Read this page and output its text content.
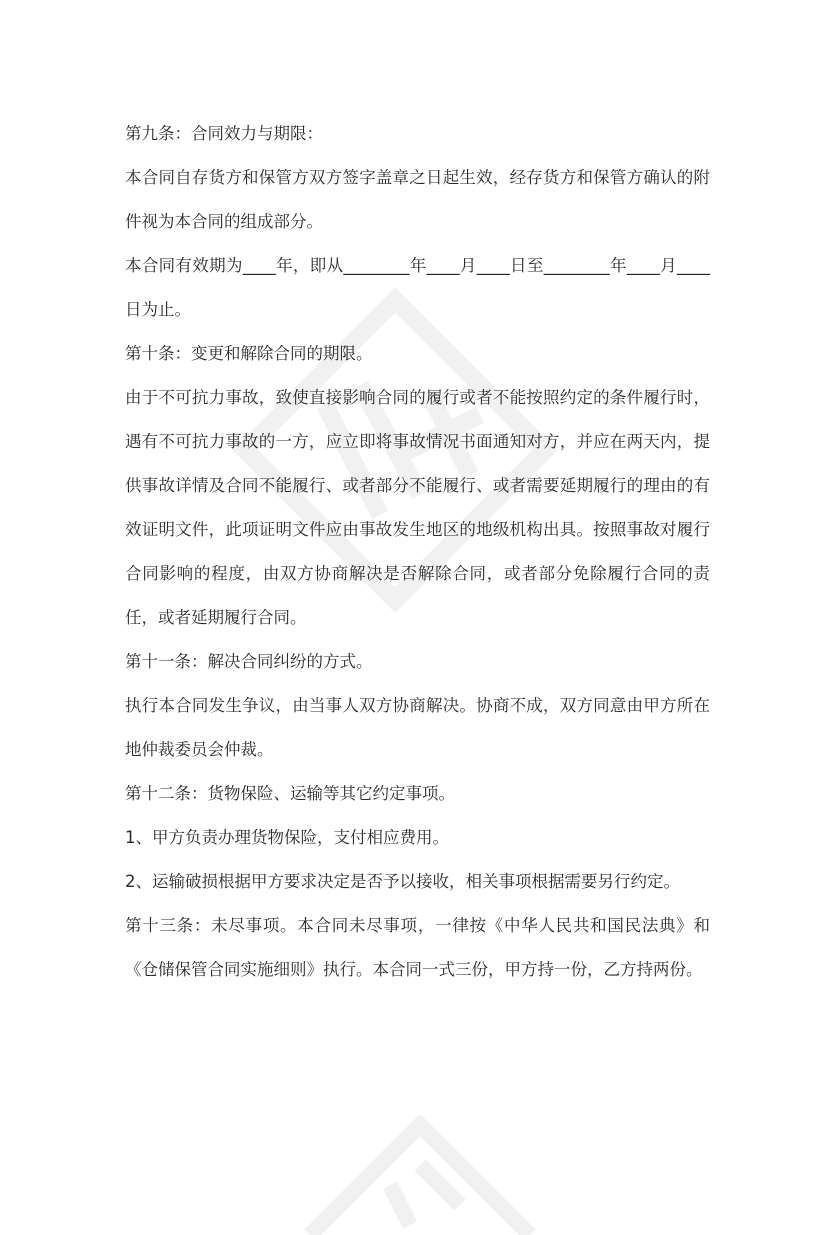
第九条：合同效力与期限：

本合同自存货方和保管方双方签字盖章之日起生效，经存货方和保管方确认的附件视为本合同的组成部分。

本合同有效期为____年，即从________年____月____日至________年____月____日为止。

第十条：变更和解除合同的期限。

由于不可抗力事故，致使直接影响合同的履行或者不能按照约定的条件履行时，遇有不可抗力事故的一方，应立即将事故情况书面通知对方，并应在两天内，提供事故详情及合同不能履行、或者部分不能履行、或者需要延期履行的理由的有效证明文件，此项证明文件应由事故发生地区的地级机构出具。按照事故对履行合同影响的程度，由双方协商解决是否解除合同，或者部分免除履行合同的责任，或者延期履行合同。

第十一条：解决合同纠纷的方式。

执行本合同发生争议，由当事人双方协商解决。协商不成，双方同意由甲方所在地仲裁委员会仲裁。

第十二条：货物保险、运输等其它约定事项。

1、甲方负责办理货物保险，支付相应费用。

2、运输破损根据甲方要求决定是否予以接收，相关事项根据需要另行约定。

第十三条：未尽事项。本合同未尽事项，一律按《中华人民共和国民法典》和《仓储保管合同实施细则》执行。本合同一式三份，甲方持一份，乙方持两份。
